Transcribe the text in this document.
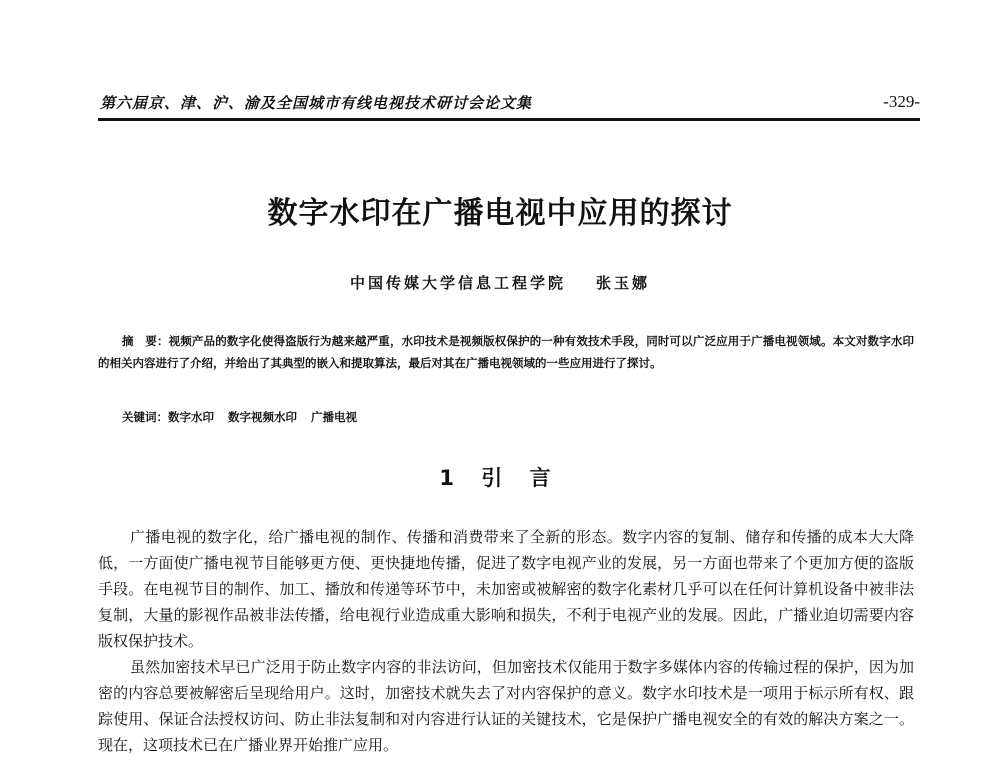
第六届京、津、沪、渝及全国城市有线电视技术研讨会论文集	-329-
数字水印在广播电视中应用的探讨
中国传媒大学信息工程学院 张玉娜
摘　要：视频产品的数字化使得盗版行为越来越严重，水印技术是视频版权保护的一种有效技术手段，同时可以广泛应用于广播电视领域。本文对数字水印的相关内容进行了介绍，并给出了其典型的嵌入和提取算法，最后对其在广播电视领域的一些应用进行了探讨。
关键词：数字水印 数字视频水印 广播电视
1 引 言

广播电视的数字化，给广播电视的制作、传播和消费带来了全新的形态。数字内容的复制、储存和传播的成本大大降低，一方面使广播电视节目能够更方便、更快捷地传播，促进了数字电视产业的发展，另一方面也带来了个更加方便的盗版手段。在电视节目的制作、加工、播放和传递等环节中，未加密或被解密的数字化素材几乎可以在任何计算机设备中被非法复制，大量的影视作品被非法传播，给电视行业造成重大影响和损失，不利于电视产业的发展。因此，广播业迫切需要内容版权保护技术。

虽然加密技术早已广泛用于防止数字内容的非法访问，但加密技术仅能用于数字多媒体内容的传输过程的保护，因为加密的内容总要被解密后呈现给用户。这时，加密技术就失去了对内容保护的意义。数字水印技术是一项用于标示所有权、跟踪使用、保证合法授权访问、防止非法复制和对内容进行认证的关键技术，它是保护广播电视安全的有效的解决方案之一。现在，这项技术已在广播业界开始推广应用。
